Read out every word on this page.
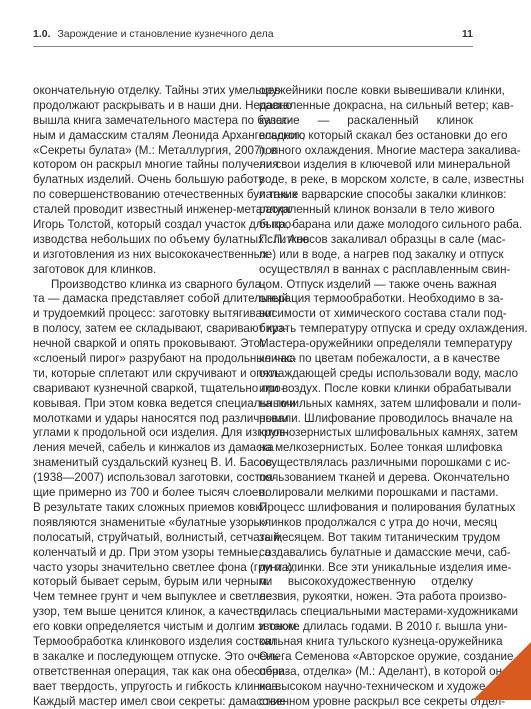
1.0. Зарождение и становление кузнечного дела	11
окончательную отделку. Тайны этих умельцев
продолжают раскрывать и в наши дни. Недавно
вышла книга замечательного мастера по булат-
ным и дамасским сталям Леонида Архангельского
«Секреты булата» (М.: Металлургия, 2007), в
котором он раскрыл многие тайны получения
булатных изделий. Очень большую работу
по совершенствованию отечественных булатных
сталей проводит известный инженер-металлург
Игорь Толстой, который создал участок для про-
изводства небольших по объему булатных слитков
и изготовления из них высококачественных
заготовок для клинков.
Производство клинка из сварного була-
та — дамаска представляет собой длительный
и трудоемкий процесс: заготовку вытягивают
в полосу, затем ее складывают, сваривают куз-
нечной сваркой и опять проковывают. Этот
«слоеный пирог» разрубают на продольные час-
ти, которые сплетают или скручивают и опять
сваривают кузнечной сваркой, тщательно про-
ковывая. При этом ковка ведется специальными
молотками и удары наносятся под различными
углами к продольной оси изделия. Для изготов-
ления мечей, сабель и кинжалов из дамаска
знаменитый суздальский кузнец В. И. Басов
(1938—2007) использовал заготовки, состоя-
щие примерно из 700 и более тысяч слоев.
В результате таких сложных приемов ковки
появляются знаменитые «булатные узоры»:
полосатый, струйчатый, волнистый, сетчатый,
коленчатый и др. При этом узоры темные, а
часто узоры значительно светлее фона (грунта),
который бывает серым, бурым или черным.
Чем темнее грунт и чем выпуклее и светлее
узор, тем выше ценится клинок, а качество
его ковки определяется чистым и долгим звоном.
Термообработка клинкового изделия состоит
в закалке и последующем отпуске. Это очень
ответственная операция, так как она обеспечи-
вает твердость, упругость и гибкость клинков.
Каждый мастер имел свои секреты: дамасские
оружейники после ковки вывешивали клинки,
раскаленные докрасна, на сильный ветер; кав-
казские — раскаленный клинок
всадник, который скакал без остановки до его
полного охлаждения. Многие мастера закалива-
ли свои изделия в ключевой или минеральной
воде, в реке, в морском холсте, в сале, известны
и такие варварские способы закалки клинков:
раскаленный клинок вонзали в тело живого
быка, барана или даже молодого сильного раба.
П. П. Аносов закаливал образцы в сале (мас-
ле) или в воде, а нагрев под закалку и отпуск
осуществлял в ваннах с расплавленным свин-
цом. Отпуск изделий — также очень важная
операция термообработки. Необходимо в за-
висимости от химического состава стали под-
бирать температуру отпуска и среду охлаждения.
Мастера-оружейники определяли температуру
клинка по цветам побежалости, а в качестве
охлаждающей среды использовали воду, масло
или воздух. После ковки клинки обрабатывали
на точильных камнях, затем шлифовали и поли-
ровали. Шлифование проводилось вначале на
крупнозернистых шлифовальных камнях, затем
на мелкозернистых. Более тонкая шлифовка
осуществлялась различными порошками с ис-
пользованием тканей и дерева. Окончательно
полировали мелкими порошками и пастами.
Процесс шлифования и полирования булатных
клинков продолжался с утра до ночи, месяц
за месяцем. Вот таким титаническим трудом
создавались булатные и дамасские мечи, саб-
ли и клинки. Все эти уникальные изделия име-
ли высокохудожественную отделку
лезвия, рукоятки, ножен. Эта работа произво-
дилась специальными мастерами-художниками
и также длилась годами. В 2010 г. вышла уни-
кальная книга тульского кузнеца-оружейника
Олега Семенова «Авторское оружие, создание
образа, отделка» (М.: Аделант), в которой он
на высоком научно-техническом и художе-
ственном уровне раскрыл все секреты отдел-
